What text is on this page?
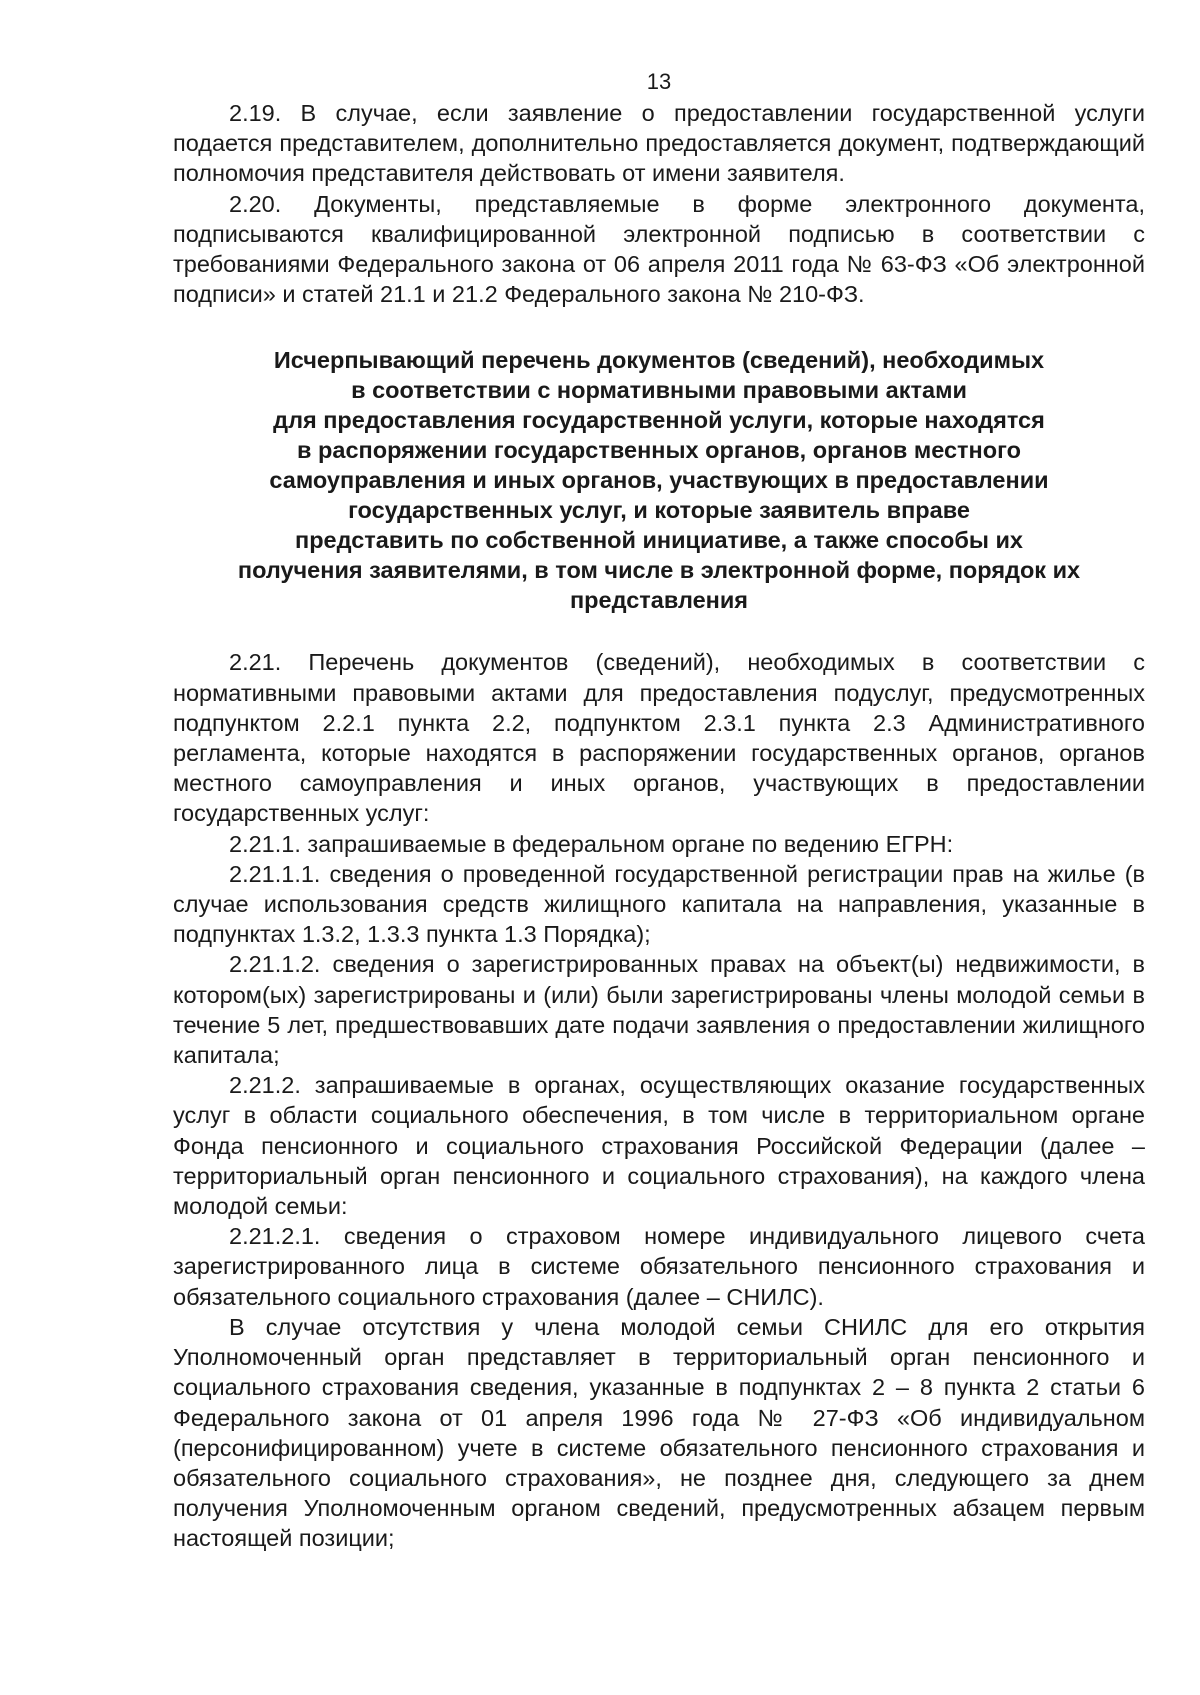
13

2.19. В случае, если заявление о предоставлении государственной услуги подается представителем, дополнительно предоставляется документ, подтверждающий полномочия представителя действовать от имени заявителя.

2.20. Документы, представляемые в форме электронного документа, подписываются квалифицированной электронной подписью в соответствии с требованиями Федерального закона от 06 апреля 2011 года № 63-ФЗ «Об электронной подписи» и статей 21.1 и 21.2 Федерального закона № 210-ФЗ.

Исчерпывающий перечень документов (сведений), необходимых
в соответствии с нормативными правовыми актами
для предоставления государственной услуги, которые находятся
в распоряжении государственных органов, органов местного
самоуправления и иных органов, участвующих в предоставлении
государственных услуг, и которые заявитель вправе
представить по собственной инициативе, а также способы их
получения заявителями, в том числе в электронной форме, порядок их
представления

2.21. Перечень документов (сведений), необходимых в соответствии с нормативными правовыми актами для предоставления подуслуг, предусмотренных подпунктом 2.2.1 пункта 2.2, подпунктом 2.3.1 пункта 2.3 Административного регламента, которые находятся в распоряжении государственных органов, органов местного самоуправления и иных органов, участвующих в предоставлении государственных услуг:

2.21.1. запрашиваемые в федеральном органе по ведению ЕГРН:

2.21.1.1. сведения о проведенной государственной регистрации прав на жилье (в случае использования средств жилищного капитала на направления, указанные в подпунктах 1.3.2, 1.3.3 пункта 1.3 Порядка);

2.21.1.2. сведения о зарегистрированных правах на объект(ы) недвижимости, в котором(ых) зарегистрированы и (или) были зарегистрированы члены молодой семьи в течение 5 лет, предшествовавших дате подачи заявления о предоставлении жилищного капитала;

2.21.2. запрашиваемые в органах, осуществляющих оказание государственных услуг в области социального обеспечения, в том числе в территориальном органе Фонда пенсионного и социального страхования Российской Федерации (далее – территориальный орган пенсионного и социального страхования), на каждого члена молодой семьи:

2.21.2.1. сведения о страховом номере индивидуального лицевого счета зарегистрированного лица в системе обязательного пенсионного страхования и обязательного социального страхования (далее – СНИЛС).

В случае отсутствия у члена молодой семьи СНИЛС для его открытия Уполномоченный орган представляет в территориальный орган пенсионного и социального страхования сведения, указанные в подпунктах 2 – 8 пункта 2 статьи 6 Федерального закона от 01 апреля 1996 года № 27-ФЗ «Об индивидуальном (персонифицированном) учете в системе обязательного пенсионного страхования и обязательного социального страхования», не позднее дня, следующего за днем получения Уполномоченным органом сведений, предусмотренных абзацем первым настоящей позиции;
